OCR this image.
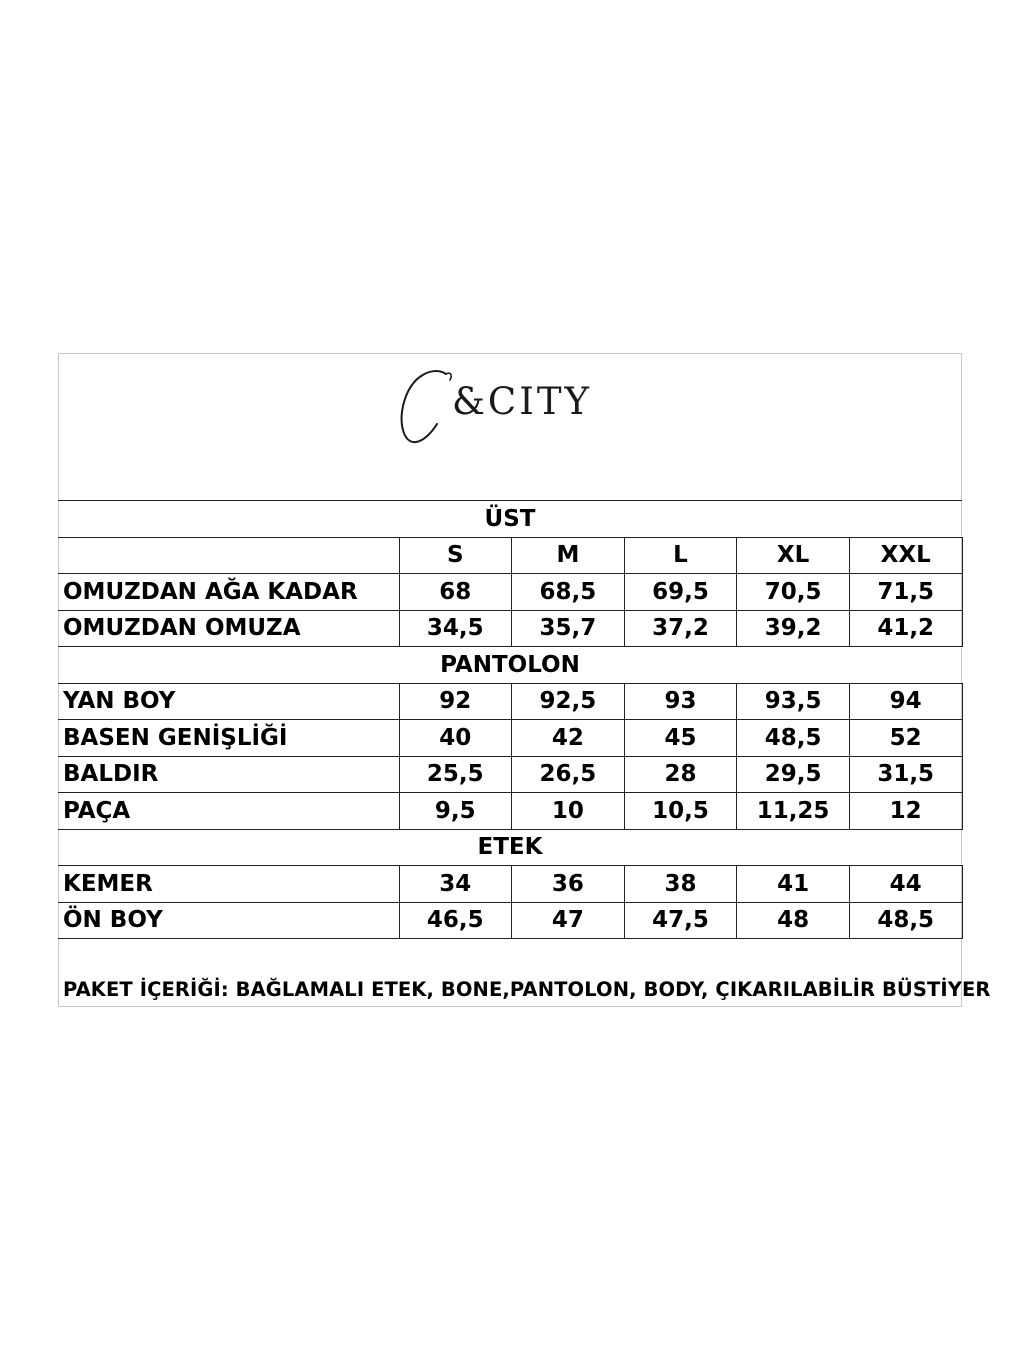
&CITY
ÜST					
	S	M	L	XL	XXL
OMUZDAN AĞA KADAR	68	68,5	69,5	70,5	71,5
OMUZDAN OMUZA	34,5	35,7	37,2	39,2	41,2
PANTOLON					
YAN BOY	92	92,5	93	93,5	94
BASEN GENİŞLİĞİ	40	42	45	48,5	52
BALDIR	25,5	26,5	28	29,5	31,5
PAÇA	9,5	10	10,5	11,25	12
ETEK					
KEMER	34	36	38	41	44
ÖN BOY	46,5	47	47,5	48	48,5
PAKET İÇERİĞİ: BAĞLAMALI ETEK, BONE,PANTOLON, BODY, ÇIKARILABİLİR BÜSTİYER
